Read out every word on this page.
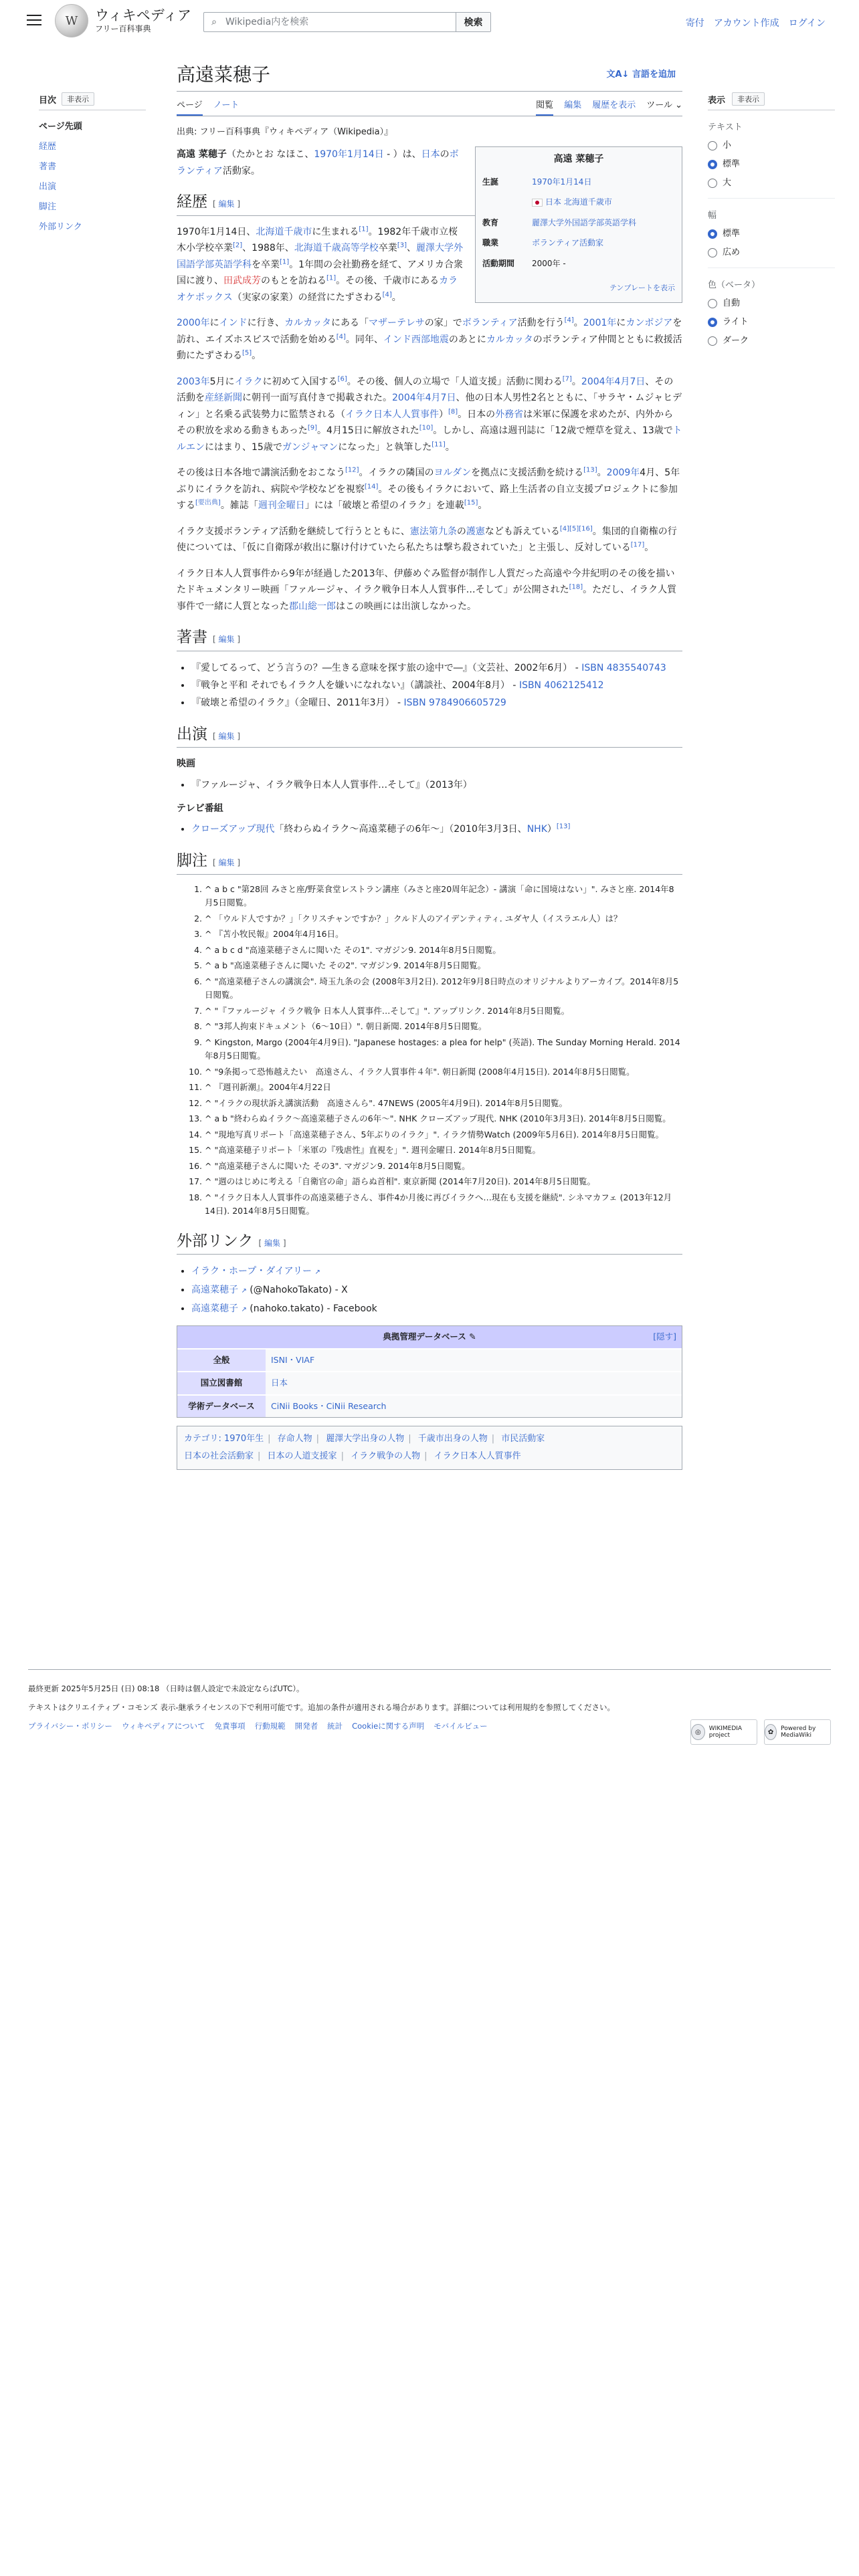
W	ウィキペディア
フリー百科事典
⌕
Wikipedia内を検索	検索	寄付 アカウント作成 ログイン
目次	非表示
ページ先頭
経歴
著書
出演
脚注
外部リンク
表示	非表示
テキスト
小
標準
大
幅
標準
広め
色（ベータ）
自動
ライト
ダーク
高遠菜穂子	文A↓ 言語を追加
ページ ノート	閲覧 編集 履歴を表示 ツール ⌄
出典: フリー百科事典『ウィキペディア（Wikipedia）』
高遠 菜穂子
生誕	1970年1月14日
	日本 北海道千歳市
教育	麗澤大学外国語学部英語学科
職業	ボランティア活動家
活動期間	2000年 -
テンプレートを表示

高遠 菜穂子（たかとお なほこ、1970年1月14日 - ）は、日本のボランティア活動家。

経歴 [ 編集 ]

1970年1月14日、北海道千歳市に生まれる[1]。1982年千歳市立桜木小学校卒業[2]、1988年、北海道千歳高等学校卒業[3]、麗澤大学外国語学部英語学科を卒業[1]。1年間の会社勤務を経て、アメリカ合衆国に渡り、田武成芳のもとを訪ねる[1]。その後、千歳市にあるカラオケボックス（実家の家業）の経営にたずさわる[4]。

2000年にインドに行き、カルカッタにある「マザーテレサの家」でボランティア活動を行う[4]。2001年にカンボジアを訪れ、エイズホスピスで活動を始める[4]。同年、インド西部地震のあとにカルカッタのボランティア仲間とともに救援活動にたずさわる[5]。

2003年5月にイラクに初めて入国する[6]。その後、個人の立場で「人道支援」活動に関わる[7]。2004年4月7日、その活動を産経新聞に朝刊一面写真付きで掲載された。2004年4月7日、他の日本人男性2名とともに、「サラヤ・ムジャヒディン」と名乗る武装勢力に監禁される（イラク日本人人質事件）[8]。日本の外務省は米軍に保護を求めたが、内外からその釈放を求める動きもあった[9]。4月15日に解放された[10]。しかし、高遠は週刊誌に「12歳で煙草を覚え、13歳でトルエンにはまり、15歳でガンジャマンになった」と執筆した[11]。

その後は日本各地で講演活動をおこなう[12]。イラクの隣国のヨルダンを拠点に支援活動を続ける[13]。2009年4月、5年ぶりにイラクを訪れ、病院や学校などを視察[14]。その後もイラクにおいて、路上生活者の自立支援プロジェクトに参加する[要出典]。雑誌「週刊金曜日」には「破壊と希望のイラク」を連載[15]。

イラク支援ボランティア活動を継続して行うとともに、憲法第九条の護憲なども訴えている[4][5][16]。集団的自衛権の行使については、「仮に自衛隊が救出に駆け付けていたら私たちは撃ち殺されていた」と主張し、反対している[17]。

イラク日本人人質事件から9年が経過した2013年、伊藤めぐみ監督が制作し人質だった高遠や今井紀明のその後を描いたドキュメンタリー映画「ファルージャ、イラク戦争日本人人質事件…そして」が公開された[18]。ただし、イラク人質事件で一緒に人質となった郡山総一郎はこの映画には出演しなかった。

著書 [ 編集 ]
• 『愛してるって、どう言うの？―生きる意味を探す旅の途中で―』（文芸社、2002年6月） - ISBN 4835540743
• 『戦争と平和 それでもイラク人を嫌いになれない』（講談社、2004年8月） - ISBN 4062125412
• 『破壊と希望のイラク』（金曜日、2011年3月） - ISBN 9784906605729
出演 [ 編集 ]
映画
• 『ファルージャ、イラク戦争日本人人質事件…そして』（2013年）
テレビ番組
• クローズアップ現代「終わらぬイラク〜高遠菜穂子の6年〜」（2010年3月3日、NHK）[13]
脚注 [ 編集 ]
1. ^ a b c "第28回 みさと座/野菜食堂レストラン講座（みさと座20周年記念）- 講演「命に国境はない」". みさと座. 2014年8月5日閲覧。
2. ^ 「ウルド人ですか？」「クリスチャンですか？」クルド人のアイデンティティ. ユダヤ人（イスラエル人）は？
3. ^ 『苫小牧民報』2004年4月16日。
4. ^ a b c d "高遠菜穂子さんに聞いた その1". マガジン9. 2014年8月5日閲覧。
5. ^ a b "高遠菜穂子さんに聞いた その2". マガジン9. 2014年8月5日閲覧。
6. ^ "高遠菜穂子さんの講演会". 埼玉九条の会 (2008年3月2日). 2012年9月8日時点のオリジナルよりアーカイブ。2014年8月5日閲覧。
7. ^ "『ファルージャ イラク戦争 日本人人質事件…そして』". アップリンク. 2014年8月5日閲覧。
8. ^ "3邦人拘束ドキュメント（6〜10日）". 朝日新聞. 2014年8月5日閲覧。
9. ^ Kingston, Margo (2004年4月9日). "Japanese hostages: a plea for help" (英語). The Sunday Morning Herald. 2014年8月5日閲覧。
10. ^ "9条掲って恐怖越えたい　高遠さん、イラク人質事件４年". 朝日新聞 (2008年4月15日). 2014年8月5日閲覧。
11. ^ 『週刊新潮』。2004年4月22日
12. ^ "イラクの現状訴え講演活動　高遠さんら". 47NEWS (2005年4月9日). 2014年8月5日閲覧。
13. ^ a b "終わらぬイラク〜高遠菜穂子さんの6年〜". NHK クローズアップ現代. NHK (2010年3月3日). 2014年8月5日閲覧。
14. ^ "現地写真リポート「高遠菜穂子さん、5年ぶりのイラク」". イラク情勢Watch (2009年5月6日). 2014年8月5日閲覧。
15. ^ "高遠菜穂子リポート「米軍の『残虐性』直視を」". 週刊金曜日. 2014年8月5日閲覧。
16. ^ "高遠菜穂子さんに聞いた その3". マガジン9. 2014年8月5日閲覧。
17. ^ "週のはじめに考える「自衛官の命」語らぬ首相". 東京新聞 (2014年7月20日). 2014年8月5日閲覧。
18. ^ "イラク日本人人質事件の高遠菜穂子さん、事件4か月後に再びイラクへ…現在も支援を継続". シネマカフェ (2013年12月14日). 2014年8月5日閲覧。
外部リンク [ 編集 ]
• イラク・ホープ・ダイアリー ↗
• 高遠菜穂子 ↗ (@NahokoTakato) - X
• 高遠菜穂子 ↗ (nahoko.takato) - Facebook
典拠管理データベース ✎	[隠す]
全般	ISNI・VIAF
国立図書館	日本
学術データベース	CiNii Books・CiNii Research
カテゴリ: 1970年生 | 存命人物 | 麗澤大学出身の人物 | 千歳市出身の人物 | 市民活動家
日本の社会活動家 | 日本の人道支援家 | イラク戦争の人物 | イラク日本人人質事件

最終更新 2025年5月25日 (日) 08:18 （日時は個人設定で未設定ならばUTC）。

テキストはクリエイティブ・コモンズ 表示-継承ライセンスの下で利用可能です。追加の条件が適用される場合があります。詳細については利用規約を参照してください。

プライバシー・ポリシー ウィキペディアについて 免責事項 行動規範 開発者 統計 Cookieに関する声明 モバイルビュー
◎	WIKIMEDIA project	✿	Powered by MediaWiki
